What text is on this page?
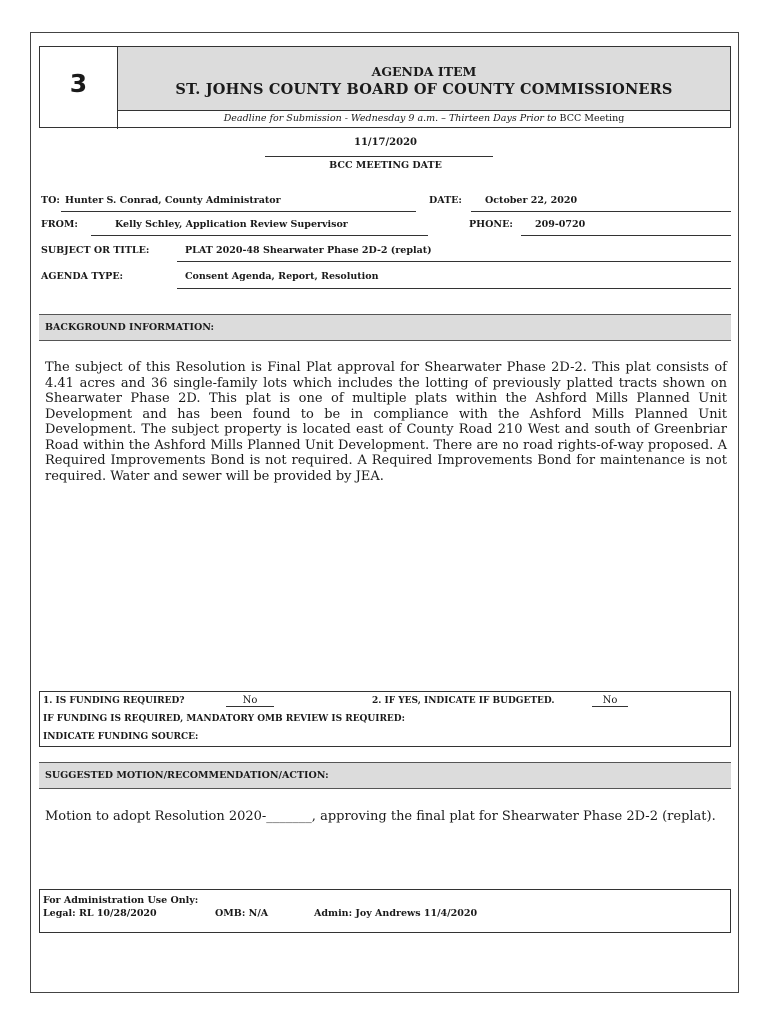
3	AGENDA ITEM
ST. JOHNS COUNTY BOARD OF COUNTY COMMISSIONERS
Deadline for Submission - Wednesday 9 a.m. – Thirteen Days Prior to BCC Meeting
11/17/2020
BCC MEETING DATE
TO: Hunter S. Conrad, County Administrator	DATE: October 22, 2020
FROM:	Kelly Schley, Application Review Supervisor	PHONE: 209-0720
SUBJECT OR TITLE:	PLAT 2020-48 Shearwater Phase 2D-2 (replat)
AGENDA TYPE:	Consent Agenda, Report, Resolution
BACKGROUND INFORMATION:
The subject of this Resolution is Final Plat approval for Shearwater Phase 2D-2. This plat consists of 4.41 acres and 36 single-family lots which includes the lotting of previously platted tracts shown on Shearwater Phase 2D. This plat is one of multiple plats within the Ashford Mills Planned Unit Development and has been found to be in compliance with the Ashford Mills Planned Unit Development. The subject property is located east of County Road 210 West and south of Greenbriar Road within the Ashford Mills Planned Unit Development. There are no road rights-of-way proposed. A Required Improvements Bond is not required. A Required Improvements Bond for maintenance is not required. Water and sewer will be provided by JEA.
1. IS FUNDING REQUIRED?	No	2. IF YES, INDICATE IF BUDGETED.	No
IF FUNDING IS REQUIRED, MANDATORY OMB REVIEW IS REQUIRED:
INDICATE FUNDING SOURCE:
SUGGESTED MOTION/RECOMMENDATION/ACTION:
Motion to adopt Resolution 2020-_______, approving the final plat for Shearwater Phase 2D-2 (replat).
For Administration Use Only:
Legal: RL 10/28/2020	OMB: N/A	Admin: Joy Andrews 11/4/2020
